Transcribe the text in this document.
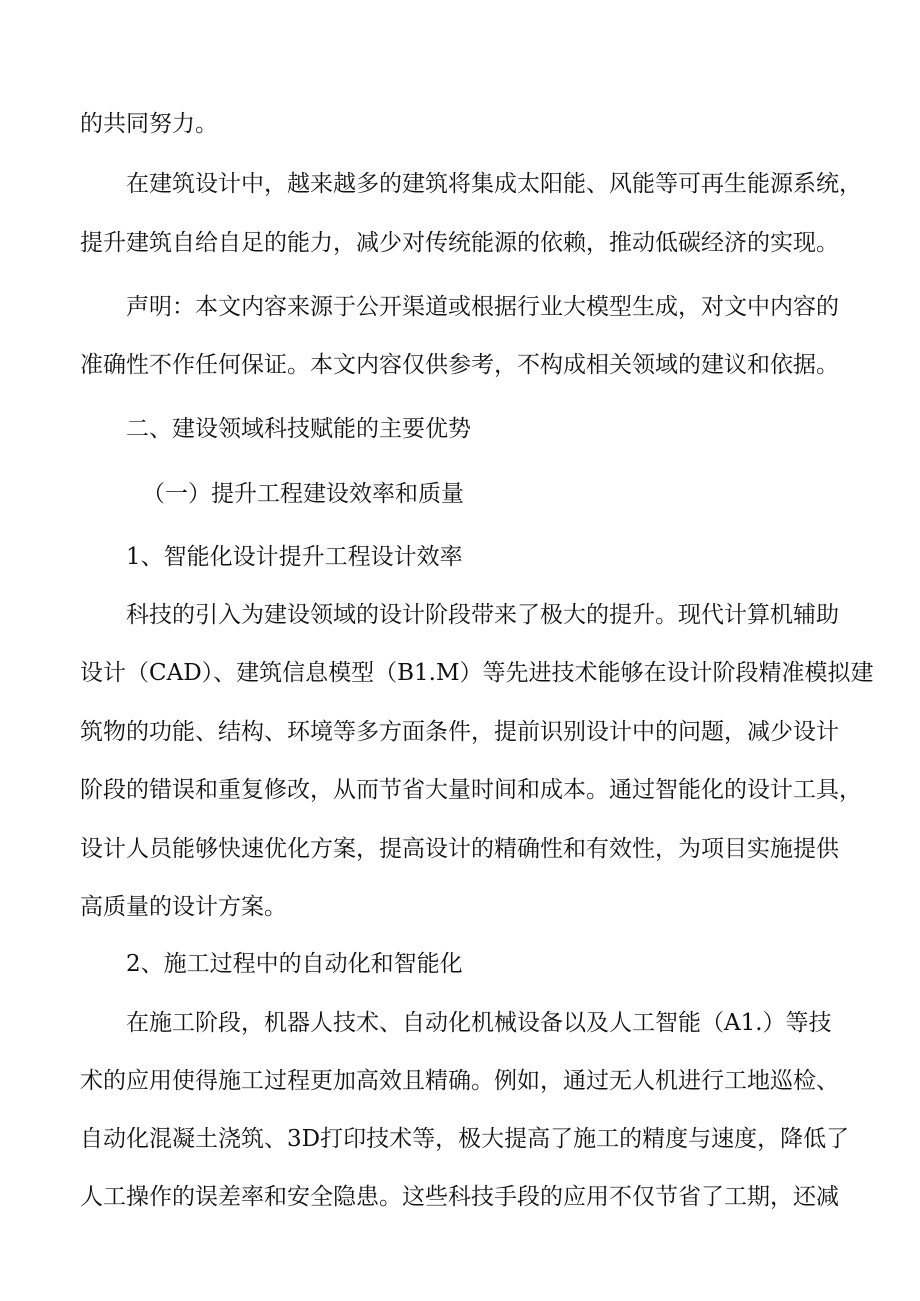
的共同努力。
在建筑设计中，越来越多的建筑将集成太阳能、风能等可再生能源系统，
提升建筑自给自足的能力，减少对传统能源的依赖，推动低碳经济的实现。
声明：本文内容来源于公开渠道或根据行业大模型生成，对文中内容的
准确性不作任何保证。本文内容仅供参考，不构成相关领域的建议和依据。
二、建设领域科技赋能的主要优势
（一）提升工程建设效率和质量
1、智能化设计提升工程设计效率
科技的引入为建设领域的设计阶段带来了极大的提升。现代计算机辅助
设计（CAD）、建筑信息模型（B1.M）等先进技术能够在设计阶段精准模拟建
筑物的功能、结构、环境等多方面条件，提前识别设计中的问题，减少设计
阶段的错误和重复修改，从而节省大量时间和成本。通过智能化的设计工具，
设计人员能够快速优化方案，提高设计的精确性和有效性，为项目实施提供
高质量的设计方案。
2、施工过程中的自动化和智能化
在施工阶段，机器人技术、自动化机械设备以及人工智能（A1.）等技
术的应用使得施工过程更加高效且精确。例如，通过无人机进行工地巡检、
自动化混凝土浇筑、3D打印技术等，极大提高了施工的精度与速度，降低了
人工操作的误差率和安全隐患。这些科技手段的应用不仅节省了工期，还减
